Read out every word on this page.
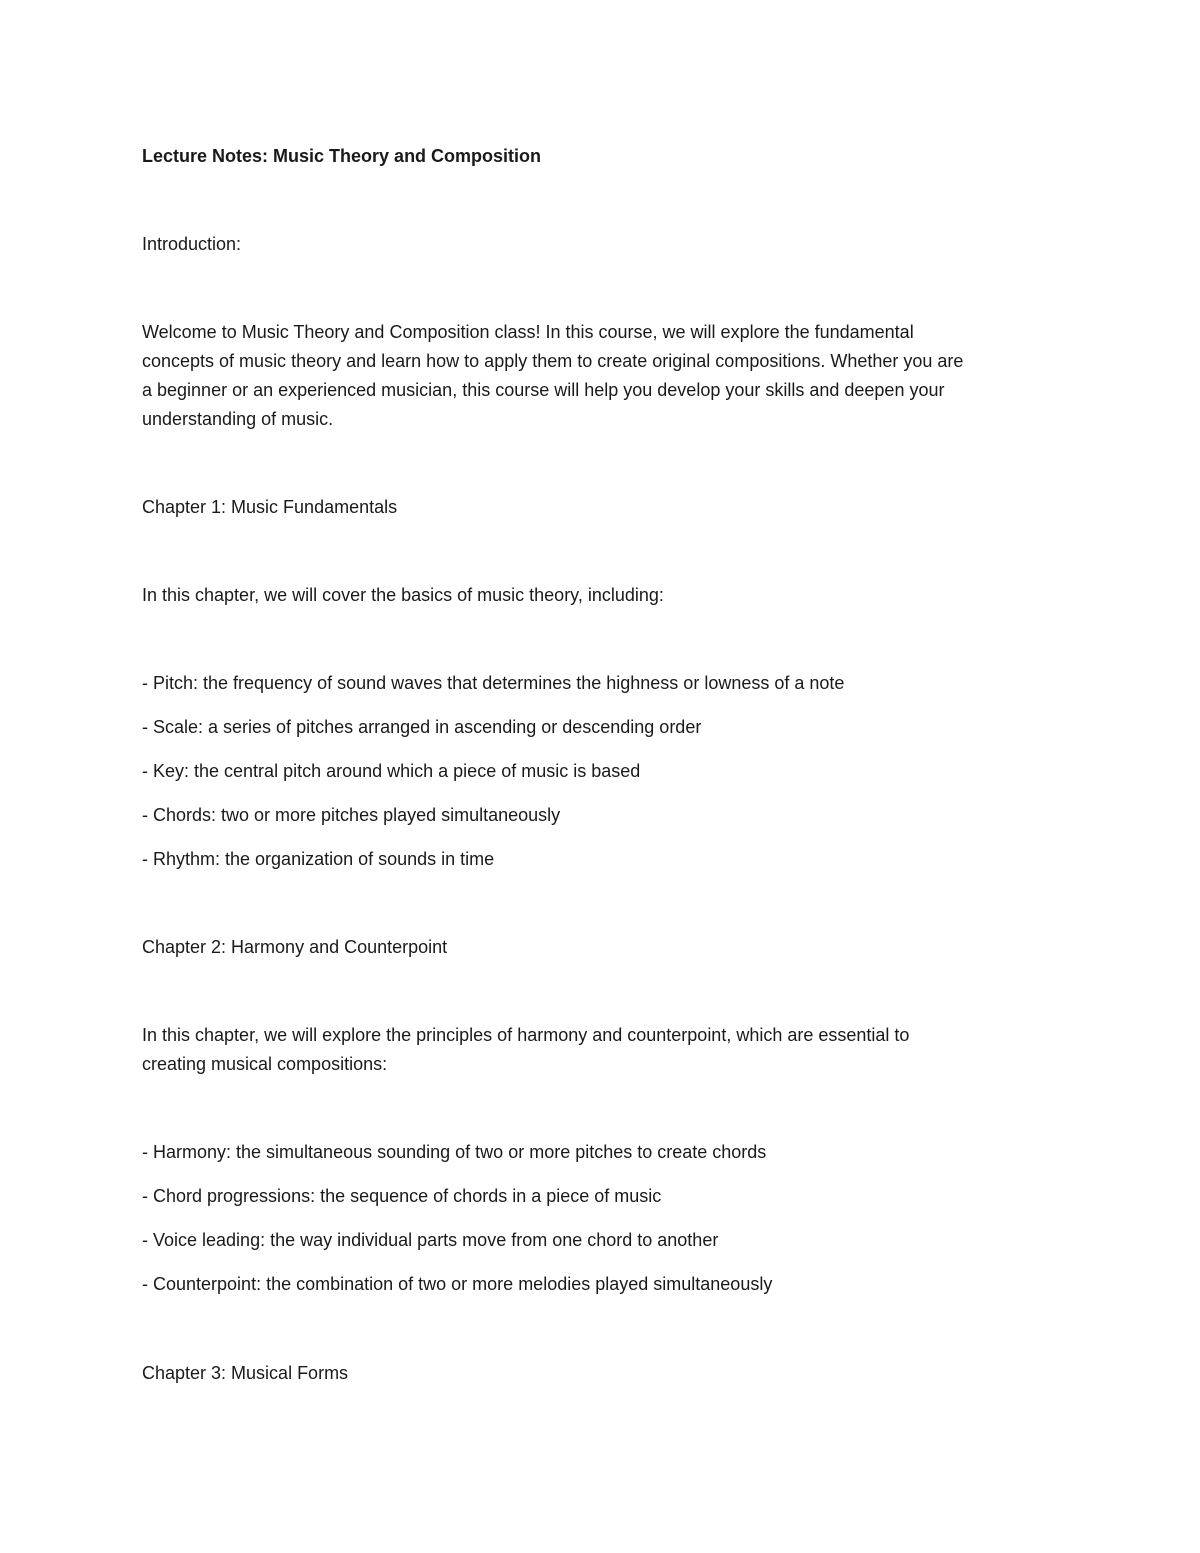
Lecture Notes: Music Theory and Composition

Introduction:

Welcome to Music Theory and Composition class! In this course, we will explore the fundamental
concepts of music theory and learn how to apply them to create original compositions. Whether you are
a beginner or an experienced musician, this course will help you develop your skills and deepen your
understanding of music.

Chapter 1: Music Fundamentals

In this chapter, we will cover the basics of music theory, including:

- Pitch: the frequency of sound waves that determines the highness or lowness of a note

- Scale: a series of pitches arranged in ascending or descending order

- Key: the central pitch around which a piece of music is based

- Chords: two or more pitches played simultaneously

- Rhythm: the organization of sounds in time

Chapter 2: Harmony and Counterpoint

In this chapter, we will explore the principles of harmony and counterpoint, which are essential to
creating musical compositions:

- Harmony: the simultaneous sounding of two or more pitches to create chords

- Chord progressions: the sequence of chords in a piece of music

- Voice leading: the way individual parts move from one chord to another

- Counterpoint: the combination of two or more melodies played simultaneously

Chapter 3: Musical Forms
